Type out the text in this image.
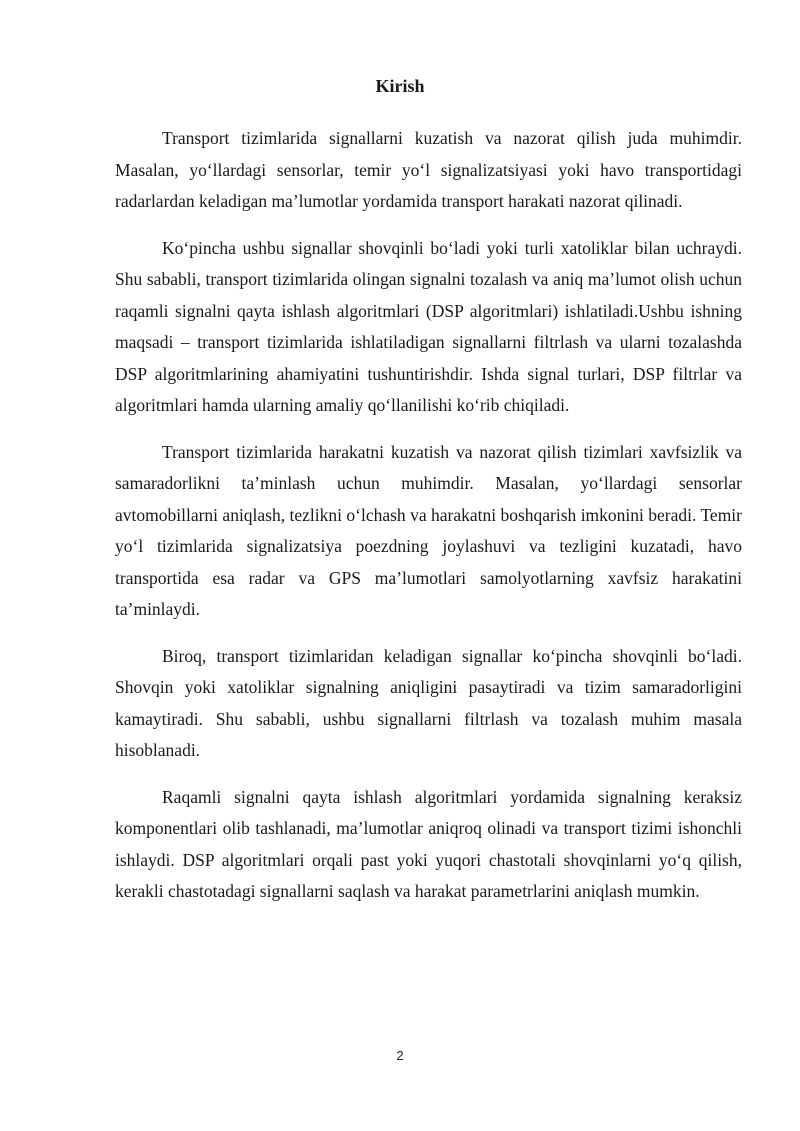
Kirish

Transport tizimlarida signallarni kuzatish va nazorat qilish juda muhimdir. Masalan, yo‘llardagi sensorlar, temir yo‘l signalizatsiyasi yoki havo transportidagi radarlardan keladigan ma’lumotlar yordamida transport harakati nazorat qilinadi.

Ko‘pincha ushbu signallar shovqinli bo‘ladi yoki turli xatoliklar bilan uchraydi. Shu sababli, transport tizimlarida olingan signalni tozalash va aniq ma’lumot olish uchun raqamli signalni qayta ishlash algoritmlari (DSP algoritmlari) ishlatiladi.Ushbu ishning maqsadi – transport tizimlarida ishlatiladigan signallarni filtrlash va ularni tozalashda DSP algoritmlarining ahamiyatini tushuntirishdir. Ishda signal turlari, DSP filtrlar va algoritmlari hamda ularning amaliy qo‘llanilishi ko‘rib chiqiladi.

Transport tizimlarida harakatni kuzatish va nazorat qilish tizimlari xavfsizlik va samaradorlikni ta’minlash uchun muhimdir. Masalan, yo‘llardagi sensorlar avtomobillarni aniqlash, tezlikni o‘lchash va harakatni boshqarish imkonini beradi. Temir yo‘l tizimlarida signalizatsiya poezdning joylashuvi va tezligini kuzatadi, havo transportida esa radar va GPS ma’lumotlari samolyotlarning xavfsiz harakatini ta’minlaydi.

Biroq, transport tizimlaridan keladigan signallar ko‘pincha shovqinli bo‘ladi. Shovqin yoki xatoliklar signalning aniqligini pasaytiradi va tizim samaradorligini kamaytiradi. Shu sababli, ushbu signallarni filtrlash va tozalash muhim masala hisoblanadi.

Raqamli signalni qayta ishlash algoritmlari yordamida signalning keraksiz komponentlari olib tashlanadi, ma’lumotlar aniqroq olinadi va transport tizimi ishonchli ishlaydi. DSP algoritmlari orqali past yoki yuqori chastotali shovqinlarni yo‘q qilish, kerakli chastotadagi signallarni saqlash va harakat parametrlarini aniqlash mumkin.

2
